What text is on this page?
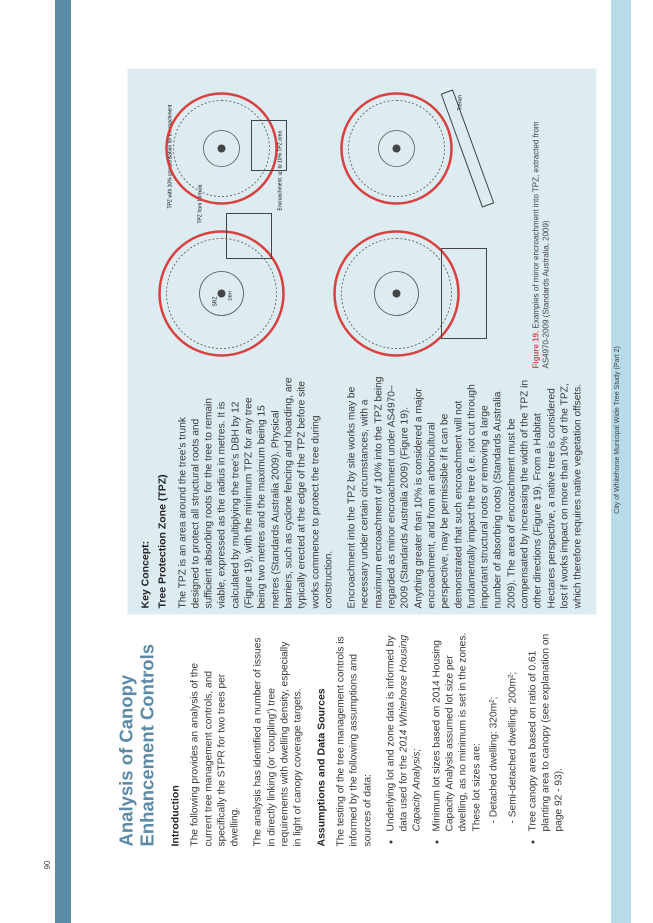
90
City of Whitehorse Municipal Wide Tree Study (Part 2)
Analysis of Canopy Enhancement Controls Introduction The following provides an analysis of the current tree management controls, and specifically the STPR for two trees per dwelling. The analysis has identified a number of issues in directly linking (or 'coupling') tree requirements with dwelling density, especially in light of canopy coverage targets. Assumptions and Data Sources The testing of the tree management controls is informed by the following assumptions and sources of data: • Underlying lot and zone data is informed by data used for the 2014 Whitehorse Housing Capacity Analysis; • Minimum lot sizes based on 2014 Housing Capacity Analysis assumed lot size per dwelling, as no minimum is set in the zones. These lot sizes are: - Detached dwelling: 320m²; - Semi-detached dwelling: 200m²; • Tree canopy area based on ratio of 0.61 planting area to canopy (see explanation on page 92 - 93).
Key Concept: Tree Protection Zone (TPZ) The TPZ is an area around the tree's trunk designed to protect all structural roots and sufficient absorbing roots for the tree to remain viable, expressed as the radius in metres. It is calculated by multiplying the tree's DBH by 12 (Figure 19), with the minimum TPZ for any tree being two metres and the maximum being 15 metres (Standards Australia 2009). Physical barriers, such as cyclone fencing and hoarding, are typically erected at the edge of the TPZ before site works commence to protect the tree during construction. Encroachment into the TPZ by site works may be necessary under certain circumstances, with a maximum encroachment of 10% into the TPZ being regarded as minor encroachment under AS4970–2009 (Standards Australia 2009) (Figure 19). Anything greater than 10% is considered a major encroachment, and from an arboricultural perspective, may be permissible if it can be demonstrated that such encroachment will not fundamentally impact the tree (i.e. not cut through important structural roots or removing a large number of absorbing roots) (Standards Australia 2009). The area of encroachment must be compensated by increasing the width of the TPZ in other directions (Figure 19). From a Habitat Hectares perspective, a native tree is considered lost if works impact on more than 10% of the TPZ, which therefore requires native vegetation offsets.

TPZ with 10% compensation for encroachment	TPZ from formula
SRZ
DBH
Encroachment: up to 10% TPZ area
Trench
Figure 19. Examples of minor encroachment into TPZ, extracted from AS4970-2009 (Standards Australia, 2009)
